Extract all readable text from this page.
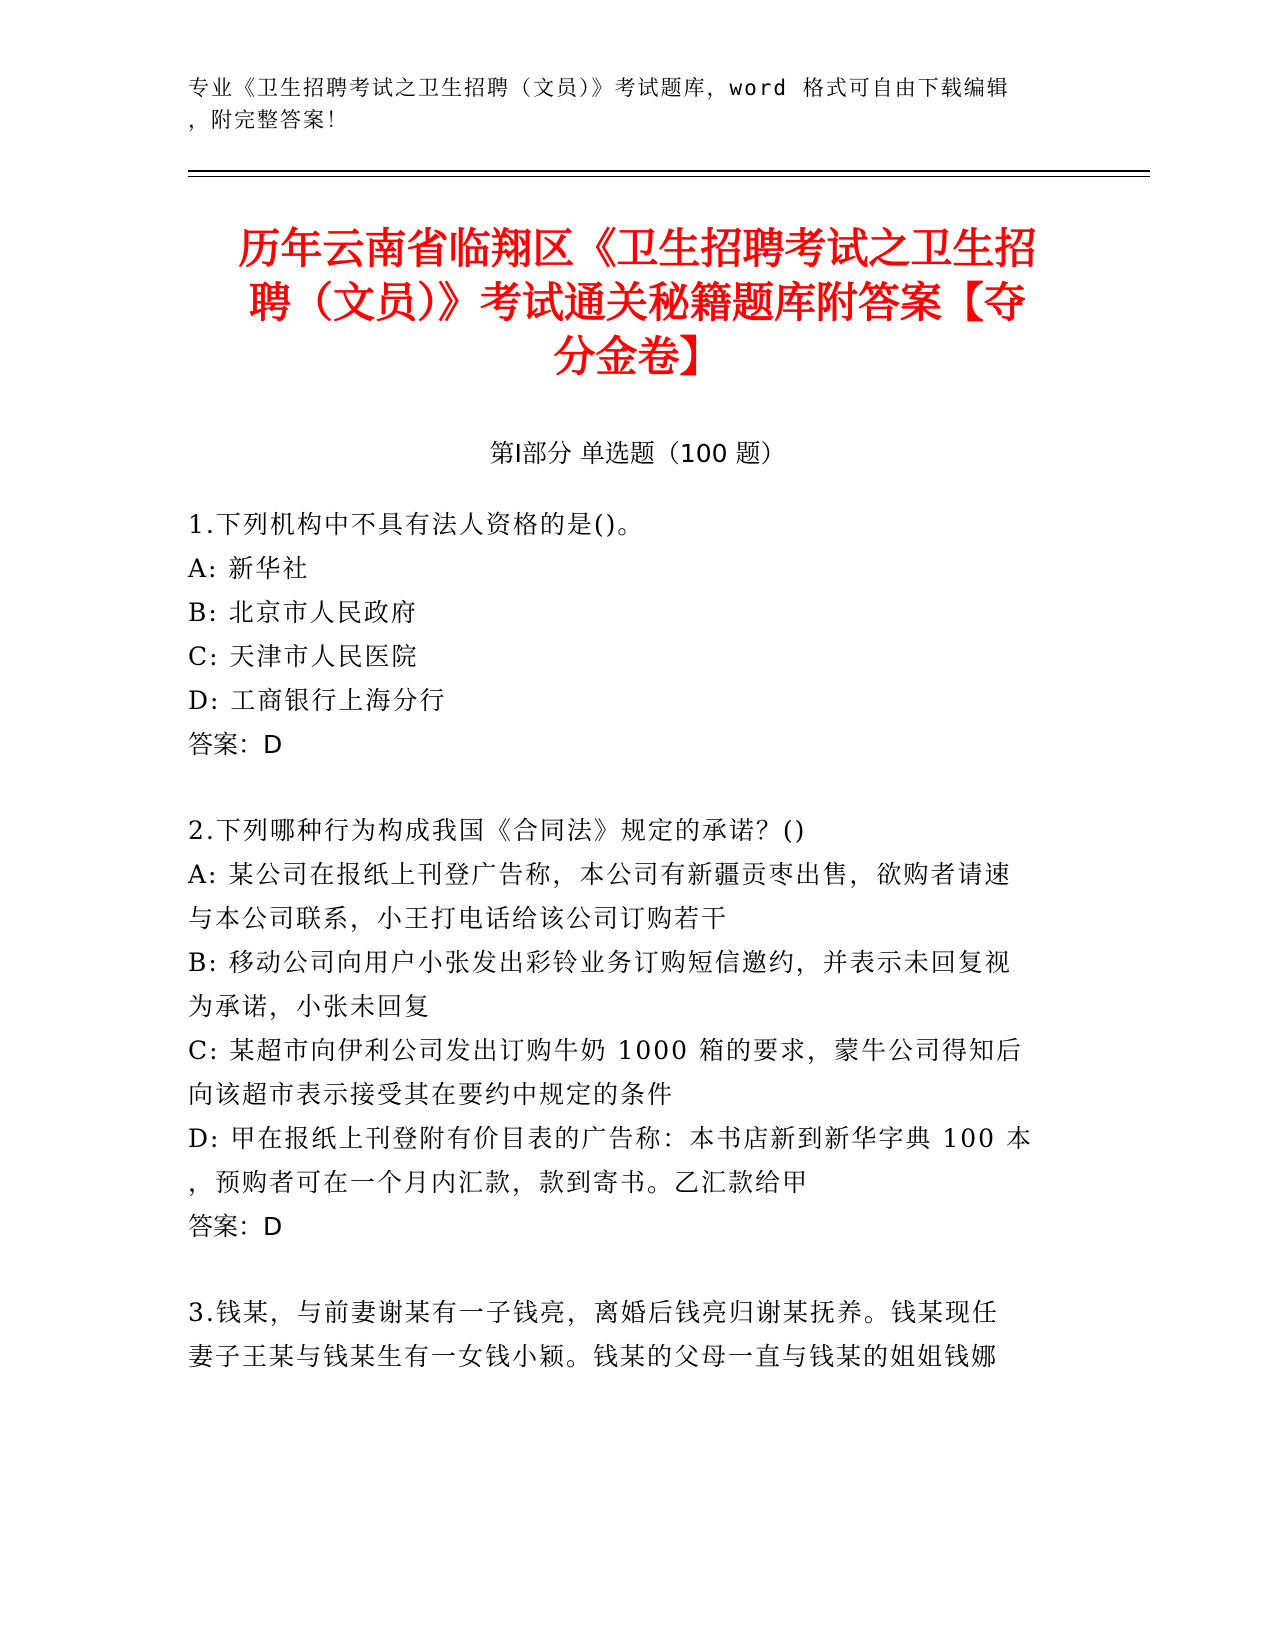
专业《卫生招聘考试之卫生招聘（文员）》考试题库，word 格式可自由下载编辑
，附完整答案！
历年云南省临翔区《卫生招聘考试之卫生招
聘（文员）》考试通关秘籍题库附答案【夺
分金卷】
第Ⅰ部分 单选题（100 题）
1.下列机构中不具有法人资格的是()。
A: 新华社
B: 北京市人民政府
C: 天津市人民医院
D: 工商银行上海分行
答案：D
2.下列哪种行为构成我国《合同法》规定的承诺？()
A: 某公司在报纸上刊登广告称，本公司有新疆贡枣出售，欲购者请速
与本公司联系，小王打电话给该公司订购若干
B: 移动公司向用户小张发出彩铃业务订购短信邀约，并表示未回复视
为承诺，小张未回复
C: 某超市向伊利公司发出订购牛奶 1000 箱的要求，蒙牛公司得知后
向该超市表示接受其在要约中规定的条件
D: 甲在报纸上刊登附有价目表的广告称：本书店新到新华字典 100 本
，预购者可在一个月内汇款，款到寄书。乙汇款给甲
答案：D
3.钱某，与前妻谢某有一子钱亮，离婚后钱亮归谢某抚养。钱某现任
妻子王某与钱某生有一女钱小颖。钱某的父母一直与钱某的姐姐钱娜
